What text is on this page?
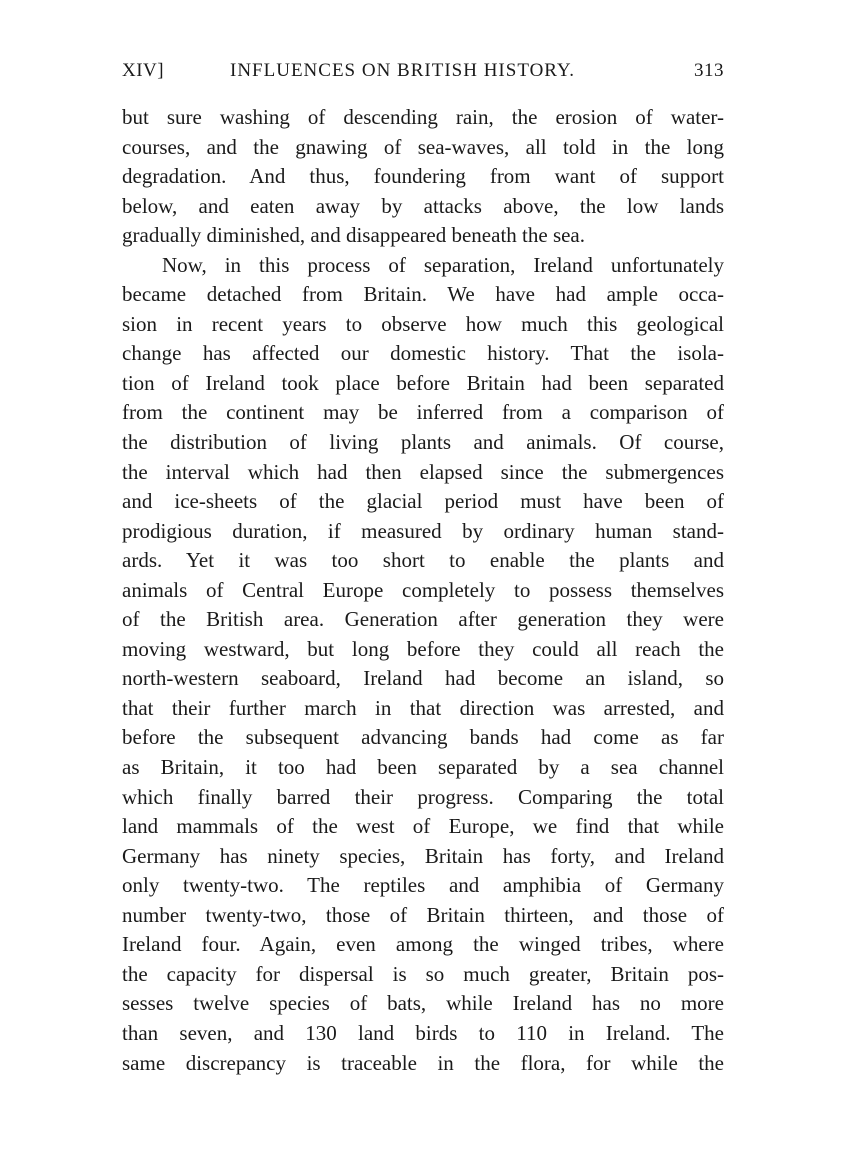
XIV]	INFLUENCES ON BRITISH HISTORY.	313
but sure washing of descending rain, the erosion of water-
courses, and the gnawing of sea-waves, all told in the long
degradation. And thus, foundering from want of support
below, and eaten away by attacks above, the low lands
gradually diminished, and disappeared beneath the sea.
Now, in this process of separation, Ireland unfortunately
became detached from Britain. We have had ample occa-
sion in recent years to observe how much this geological
change has affected our domestic history. That the isola-
tion of Ireland took place before Britain had been separated
from the continent may be inferred from a comparison of
the distribution of living plants and animals. Of course,
the interval which had then elapsed since the submergences
and ice-sheets of the glacial period must have been of
prodigious duration, if measured by ordinary human stand-
ards. Yet it was too short to enable the plants and
animals of Central Europe completely to possess themselves
of the British area. Generation after generation they were
moving westward, but long before they could all reach the
north-western seaboard, Ireland had become an island, so
that their further march in that direction was arrested, and
before the subsequent advancing bands had come as far
as Britain, it too had been separated by a sea channel
which finally barred their progress. Comparing the total
land mammals of the west of Europe, we find that while
Germany has ninety species, Britain has forty, and Ireland
only twenty-two. The reptiles and amphibia of Germany
number twenty-two, those of Britain thirteen, and those of
Ireland four. Again, even among the winged tribes, where
the capacity for dispersal is so much greater, Britain pos-
sesses twelve species of bats, while Ireland has no more
than seven, and 130 land birds to 110 in Ireland. The
same discrepancy is traceable in the flora, for while the
